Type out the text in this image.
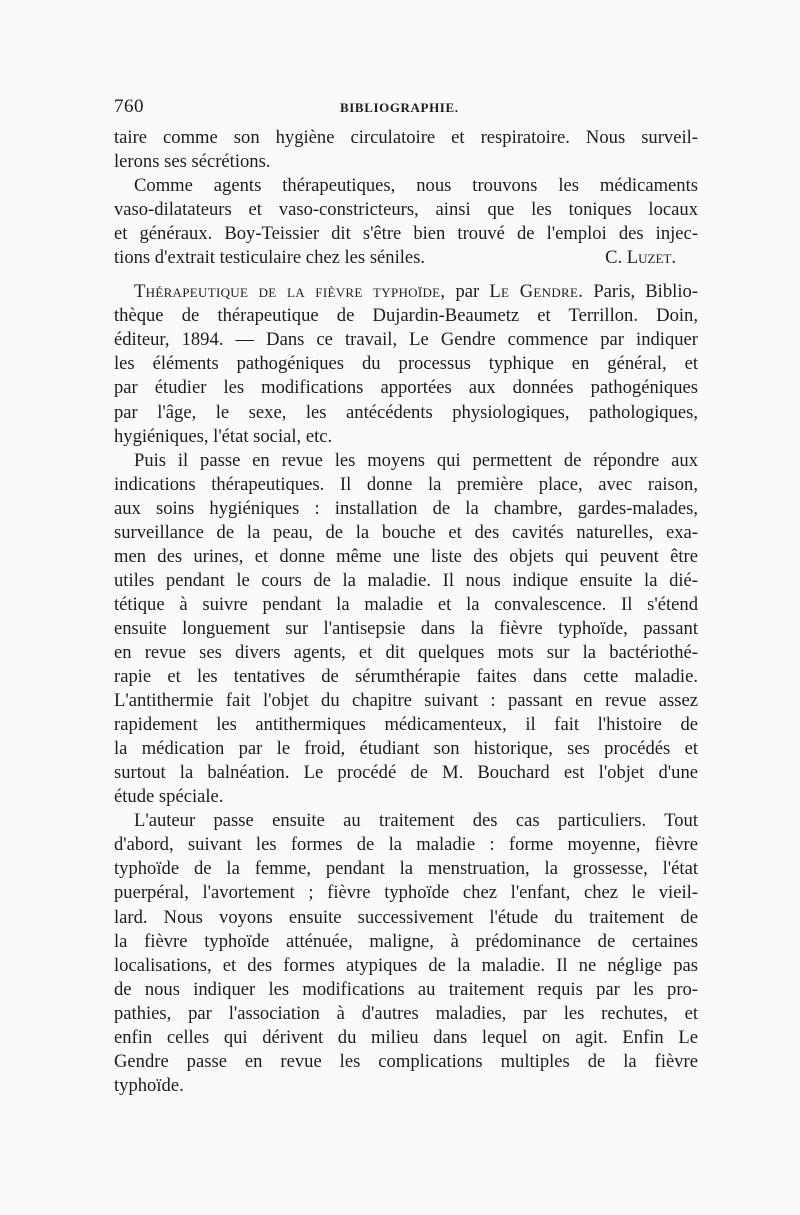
760	BIBLIOGRAPHIE.
taire comme son hygiène circulatoire et respiratoire. Nous surveil-
lerons ses sécrétions.
Comme agents thérapeutiques, nous trouvons les médicaments
vaso-dilatateurs et vaso-constricteurs, ainsi que les toniques locaux
et généraux. Boy-Teissier dit s'être bien trouvé de l'emploi des injec-
tions d'extrait testiculaire chez les séniles.	C. Luzet.
Thérapeutique de la fièvre typhoïde, par Le Gendre. Paris, Biblio-
thèque de thérapeutique de Dujardin-Beaumetz et Terrillon. Doin,
éditeur, 1894. — Dans ce travail, Le Gendre commence par indiquer
les éléments pathogéniques du processus typhique en général, et
par étudier les modifications apportées aux données pathogéniques
par l'âge, le sexe, les antécédents physiologiques, pathologiques,
hygiéniques, l'état social, etc.
Puis il passe en revue les moyens qui permettent de répondre aux
indications thérapeutiques. Il donne la première place, avec raison,
aux soins hygiéniques : installation de la chambre, gardes-malades,
surveillance de la peau, de la bouche et des cavités naturelles, exa-
men des urines, et donne même une liste des objets qui peuvent être
utiles pendant le cours de la maladie. Il nous indique ensuite la dié-
tétique à suivre pendant la maladie et la convalescence. Il s'étend
ensuite longuement sur l'antisepsie dans la fièvre typhoïde, passant
en revue ses divers agents, et dit quelques mots sur la bactériothé-
rapie et les tentatives de sérumthérapie faites dans cette maladie.
L'antithermie fait l'objet du chapitre suivant : passant en revue assez
rapidement les antithermiques médicamenteux, il fait l'histoire de
la médication par le froid, étudiant son historique, ses procédés et
surtout la balnéation. Le procédé de M. Bouchard est l'objet d'une
étude spéciale.
L'auteur passe ensuite au traitement des cas particuliers. Tout
d'abord, suivant les formes de la maladie : forme moyenne, fièvre
typhoïde de la femme, pendant la menstruation, la grossesse, l'état
puerpéral, l'avortement ; fièvre typhoïde chez l'enfant, chez le vieil-
lard. Nous voyons ensuite successivement l'étude du traitement de
la fièvre typhoïde atténuée, maligne, à prédominance de certaines
localisations, et des formes atypiques de la maladie. Il ne néglige pas
de nous indiquer les modifications au traitement requis par les pro-
pathies, par l'association à d'autres maladies, par les rechutes, et
enfin celles qui dérivent du milieu dans lequel on agit. Enfin Le
Gendre passe en revue les complications multiples de la fièvre
typhoïde.
